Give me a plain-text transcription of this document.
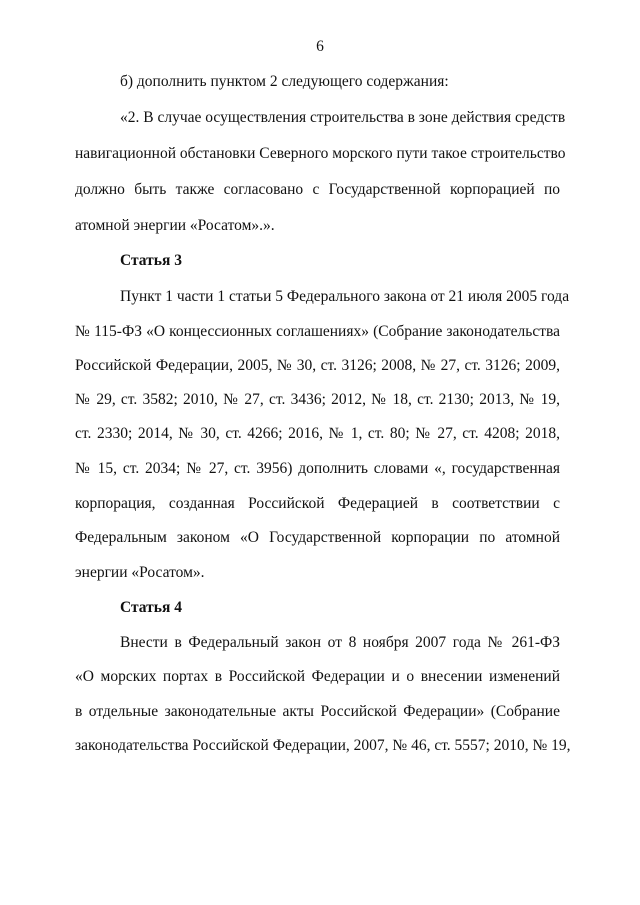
6
б) дополнить пунктом 2 следующего содержания:
«2. В случае осуществления строительства в зоне действия средств
навигационной обстановки Северного морского пути такое строительство
должно быть также согласовано с Государственной корпорацией по
атомной энергии «Росатом».».
Статья 3
Пункт 1 части 1 статьи 5 Федерального закона от 21 июля 2005 года
№ 115-ФЗ «О концессионных соглашениях» (Собрание законодательства
Российской Федерации, 2005, № 30, ст. 3126; 2008, № 27, ст. 3126; 2009,
№ 29, ст. 3582; 2010, № 27, ст. 3436; 2012, № 18, ст. 2130; 2013, № 19,
ст. 2330; 2014, № 30, ст. 4266; 2016, № 1, ст. 80; № 27, ст. 4208; 2018,
№ 15, ст. 2034; № 27, ст. 3956) дополнить словами «, государственная
корпорация, созданная Российской Федерацией в соответствии с
Федеральным законом «О Государственной корпорации по атомной
энергии «Росатом».
Статья 4
Внести в Федеральный закон от 8 ноября 2007 года № 261-ФЗ
«О морских портах в Российской Федерации и о внесении изменений
в отдельные законодательные акты Российской Федерации» (Собрание
законодательства Российской Федерации, 2007, № 46, ст. 5557; 2010, № 19,
